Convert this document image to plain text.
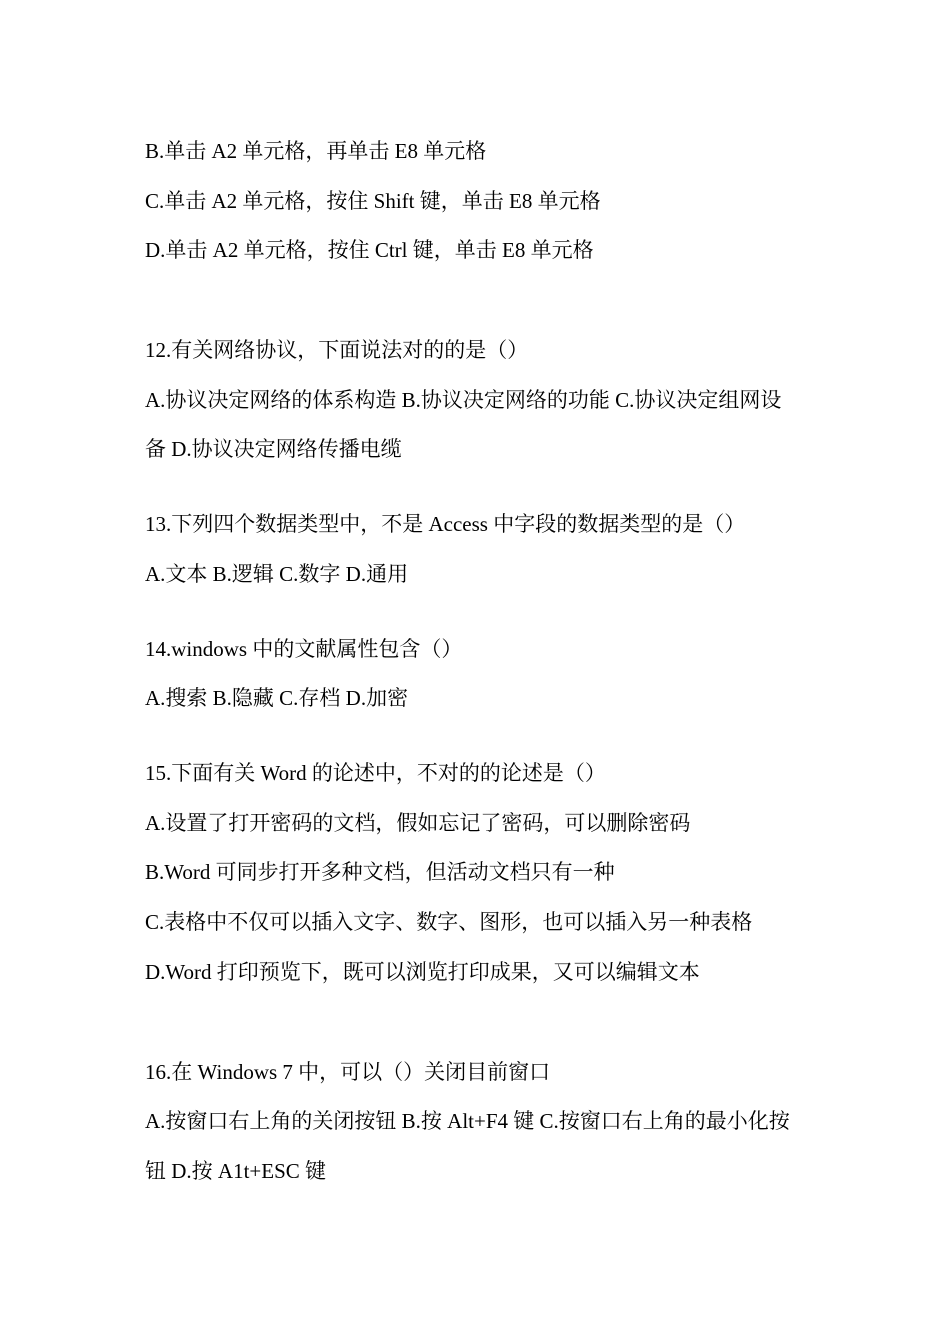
B.单击 A2 单元格，再单击 E8 单元格
C.单击 A2 单元格，按住 Shift 键，单击 E8 单元格
D.单击 A2 单元格，按住 Ctrl 键，单击 E8 单元格
12.有关网络协议，下面说法对的的是（）
A.协议决定网络的体系构造 B.协议决定网络的功能 C.协议决定组网设
备 D.协议决定网络传播电缆
13.下列四个数据类型中，不是 Access 中字段的数据类型的是（）
A.文本 B.逻辑 C.数字 D.通用
14.windows 中的文献属性包含（）
A.搜索 B.隐藏 C.存档 D.加密
15.下面有关 Word 的论述中，不对的的论述是（）
A.设置了打开密码的文档，假如忘记了密码，可以删除密码
B.Word 可同步打开多种文档，但活动文档只有一种
C.表格中不仅可以插入文字、数字、图形，也可以插入另一种表格
D.Word 打印预览下，既可以浏览打印成果，又可以编辑文本
16.在 Windows 7 中，可以（）关闭目前窗口
A.按窗口右上角的关闭按钮 B.按 Alt+F4 键 C.按窗口右上角的最小化按
钮 D.按 A1t+ESC 键
